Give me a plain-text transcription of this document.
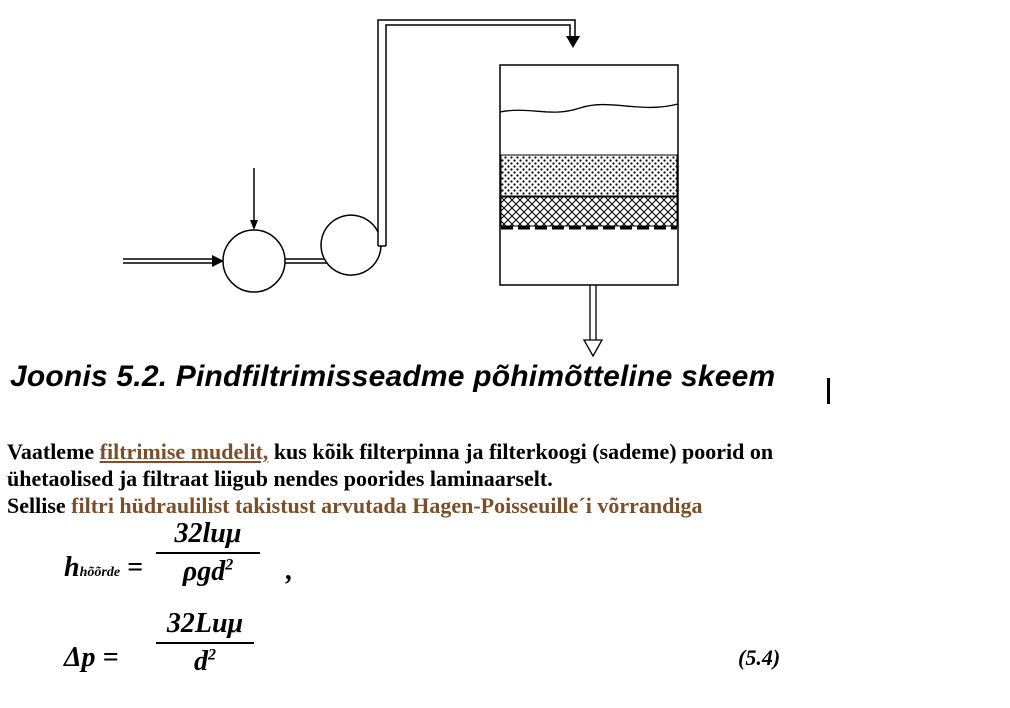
Joonis 5.2. Pindfiltrimisseadme põhimõtteline skeem

Vaatleme filtrimise mudelit, kus kõik filterpinna ja filterkoogi (sademe) poorid on

ühetaolised ja filtraat liigub nendes poorides laminaarselt.

Sellise filtri hüdraulilist takistust arvutada Hagen-Poisseuille´i võrrandiga

hhõõrde =
32luμ
ρgd$^2$	,
Δp =
32Luμ
$d^2$	(5.4)
